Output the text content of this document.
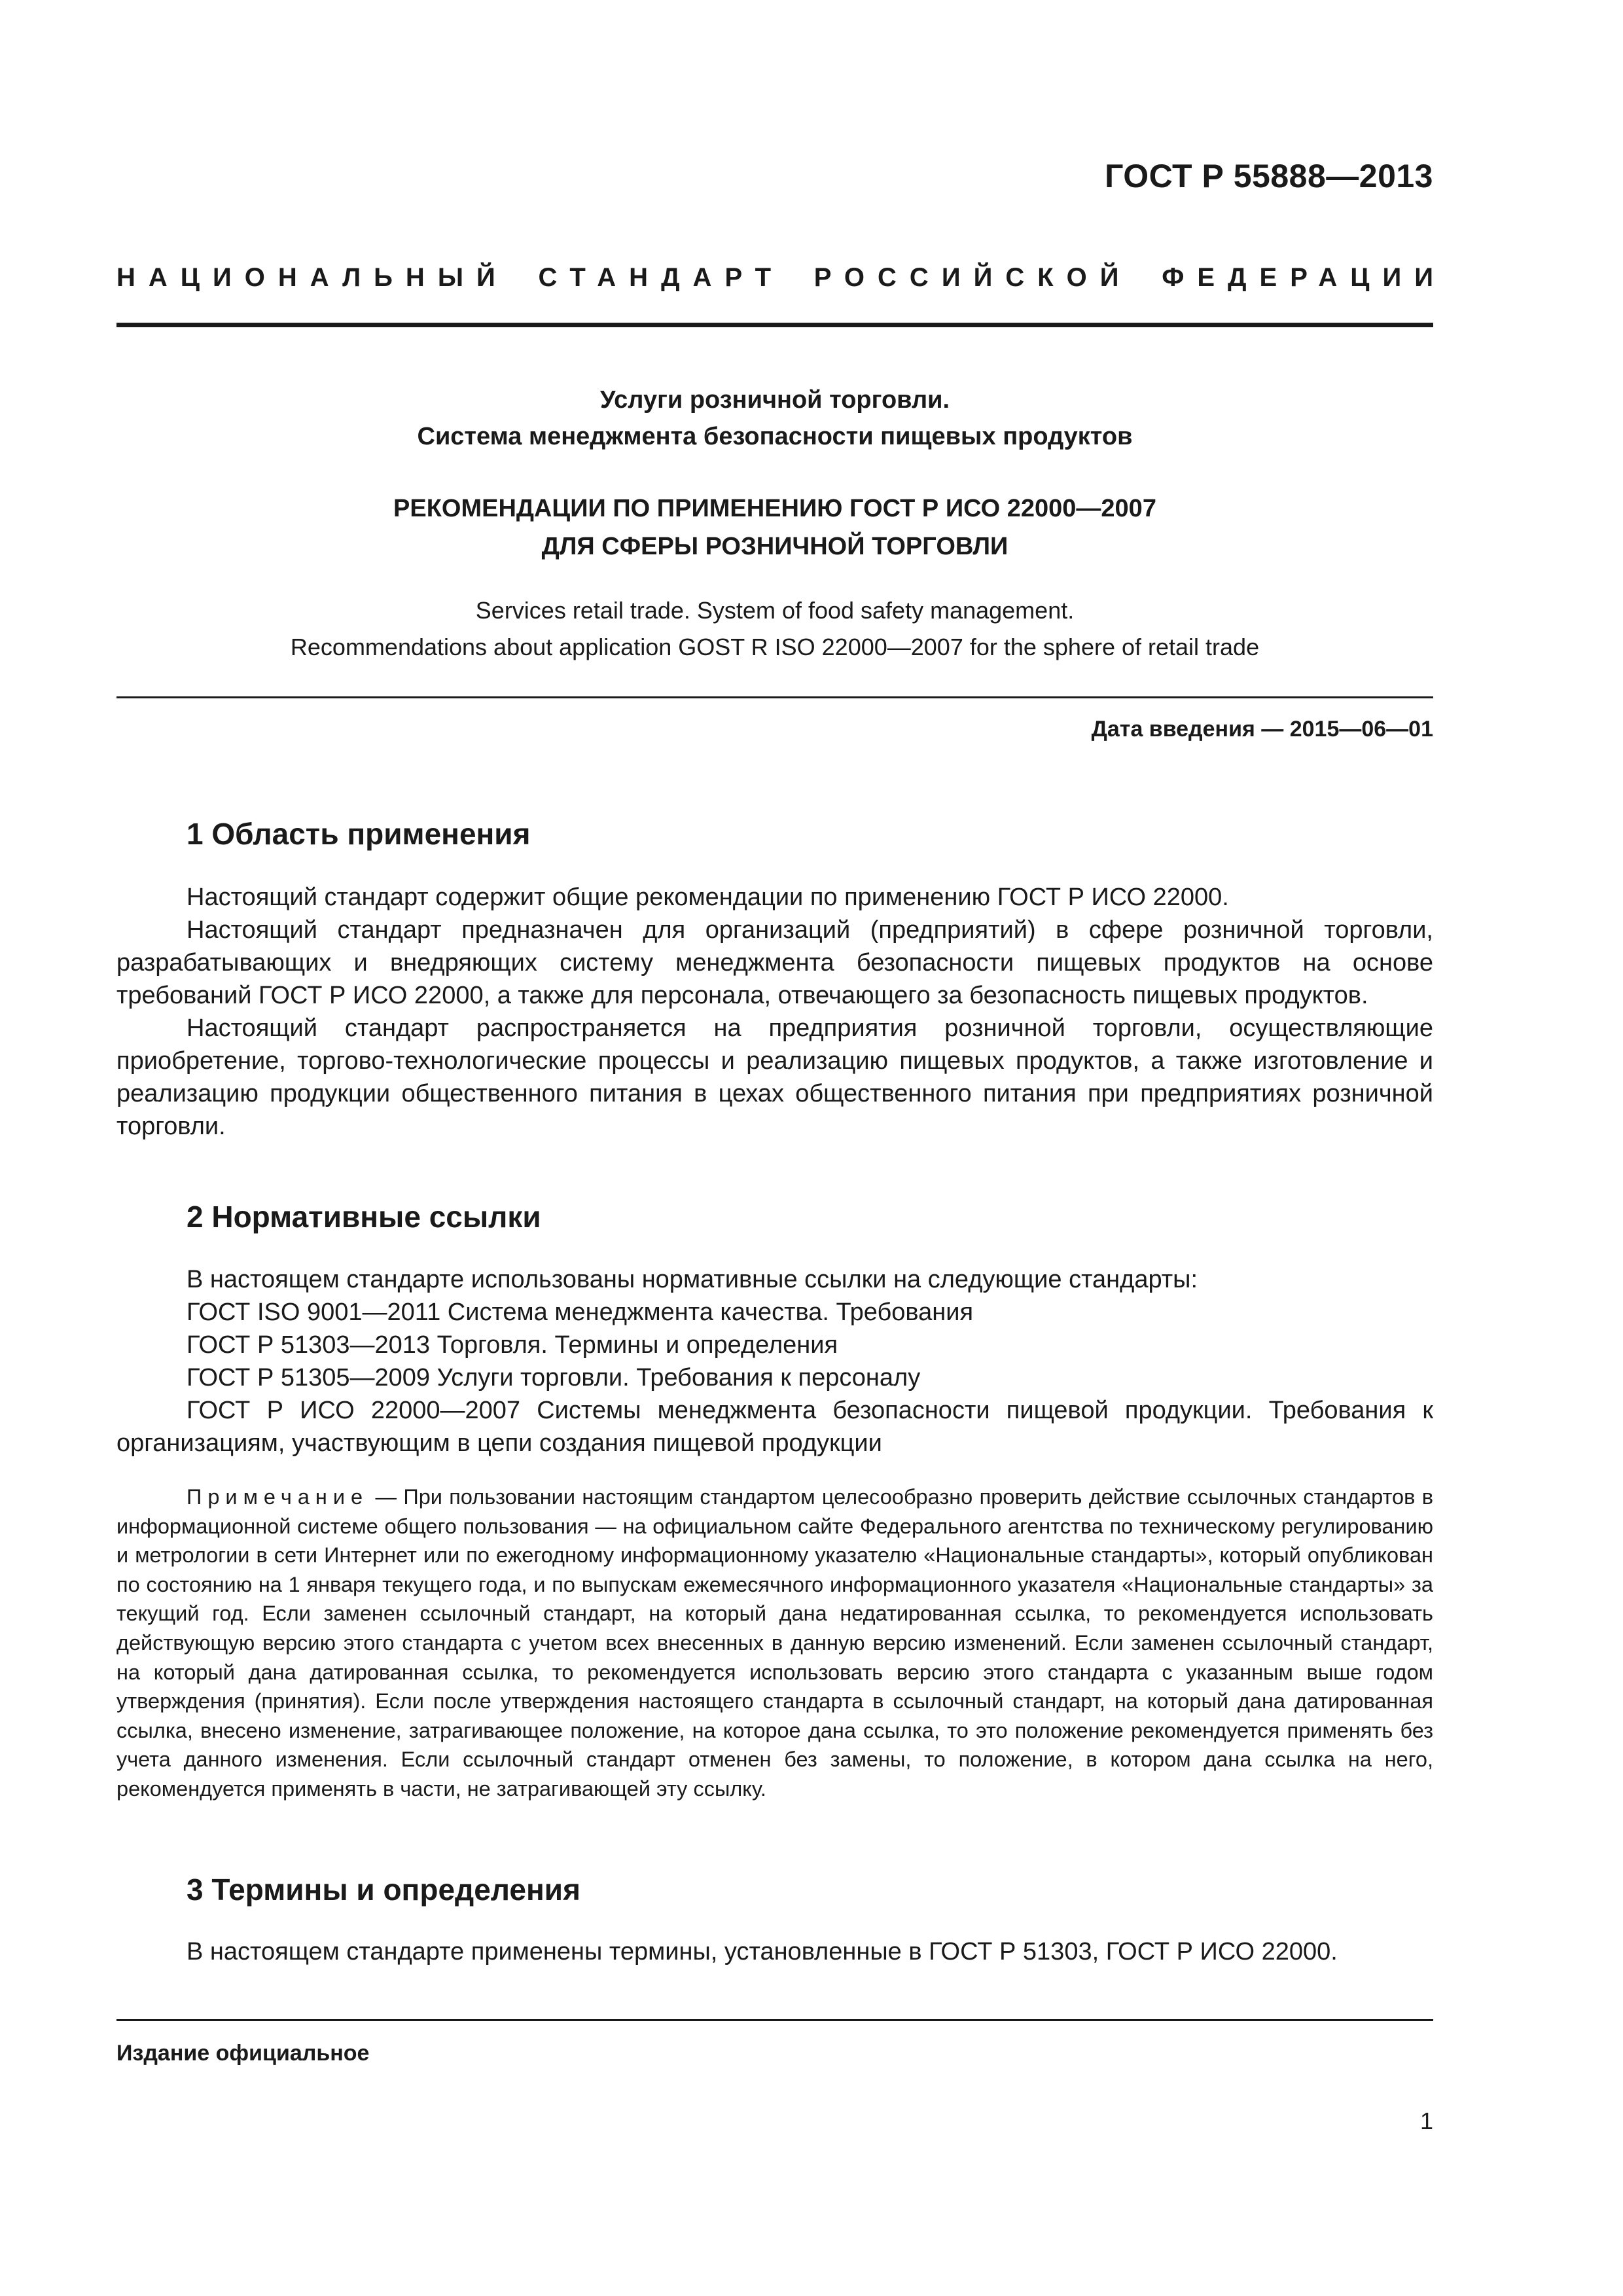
ГОСТ Р 55888—2013
НАЦИОНАЛЬНЫЙ СТАНДАРТ РОССИЙСКОЙ ФЕДЕРАЦИИ
Услуги розничной торговли.
Система менеджмента безопасности пищевых продуктов
РЕКОМЕНДАЦИИ ПО ПРИМЕНЕНИЮ ГОСТ Р ИСО 22000—2007
ДЛЯ СФЕРЫ РОЗНИЧНОЙ ТОРГОВЛИ
Services retail trade. System of food safety management.
Recommendations about application GOST R ISO 22000—2007 for the sphere of retail trade
Дата введения — 2015—06—01
1 Область применения

Настоящий стандарт содержит общие рекомендации по применению ГОСТ Р ИСО 22000.

Настоящий стандарт предназначен для организаций (предприятий) в сфере розничной торговли, разрабатывающих и внедряющих систему менеджмента безопасности пищевых продуктов на основе требований ГОСТ Р ИСО 22000, а также для персонала, отвечающего за безопасность пищевых продуктов.

Настоящий стандарт распространяется на предприятия розничной торговли, осуществляющие приобретение, торгово-технологические процессы и реализацию пищевых продуктов, а также изготовление и реализацию продукции общественного питания в цехах общественного питания при предприятиях розничной торговли.

2 Нормативные ссылки

В настоящем стандарте использованы нормативные ссылки на следующие стандарты:

ГОСТ ISO 9001—2011 Система менеджмента качества. Требования

ГОСТ Р 51303—2013 Торговля. Термины и определения

ГОСТ Р 51305—2009 Услуги торговли. Требования к персоналу

ГОСТ Р ИСО 22000—2007 Системы менеджмента безопасности пищевой продукции. Требования к организациям, участвующим в цепи создания пищевой продукции

Примечание — При пользовании настоящим стандартом целесообразно проверить действие ссылочных стандартов в информационной системе общего пользования — на официальном сайте Федерального агентства по техническому регулированию и метрологии в сети Интернет или по ежегодному информационному указателю «Национальные стандарты», который опубликован по состоянию на 1 января текущего года, и по выпускам ежемесячного информационного указателя «Национальные стандарты» за текущий год. Если заменен ссылочный стандарт, на который дана недатированная ссылка, то рекомендуется использовать действующую версию этого стандарта с учетом всех внесенных в данную версию изменений. Если заменен ссылочный стандарт, на который дана датированная ссылка, то рекомендуется использовать версию этого стандарта с указанным выше годом утверждения (принятия). Если после утверждения настоящего стандарта в ссылочный стандарт, на который дана датированная ссылка, внесено изменение, затрагивающее положение, на которое дана ссылка, то это положение рекомендуется применять без учета данного изменения. Если ссылочный стандарт отменен без замены, то положение, в котором дана ссылка на него, рекомендуется применять в части, не затрагивающей эту ссылку.
3 Термины и определения

В настоящем стандарте применены термины, установленные в ГОСТ Р 51303, ГОСТ Р ИСО 22000.

Издание официальное
1
